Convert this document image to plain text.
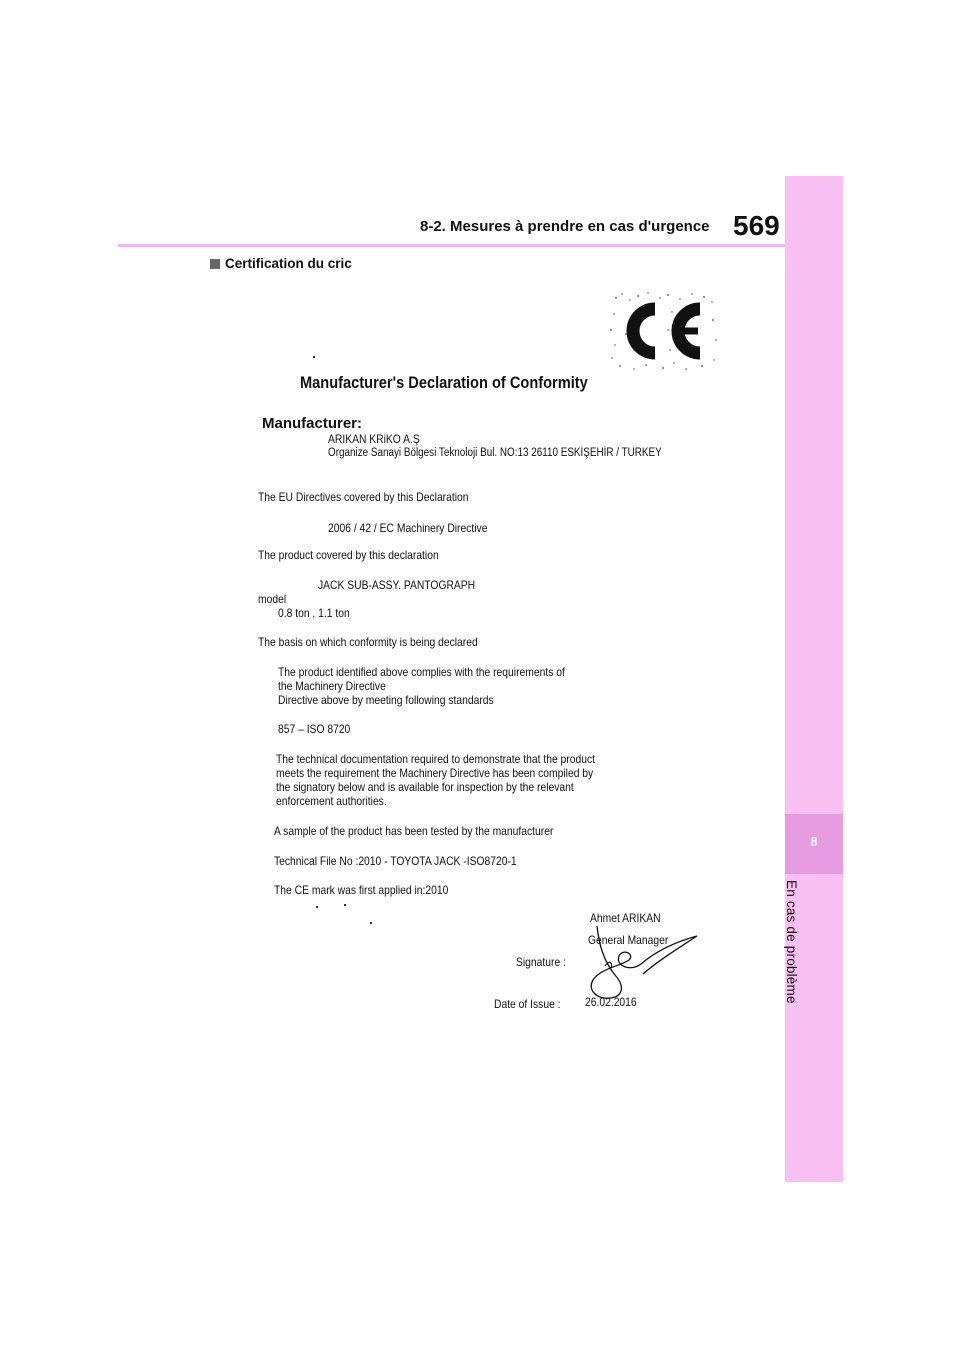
8
En cas de problème
8-2. Mesures à prendre en cas d'urgence 569
Certification du cric
Manufacturer's Declaration of Conformity
Manufacturer:
ARIKAN KRiKO A.Ş
Organize Sanayi Bölgesi Teknoloji Bul. NO:13 26110 ESKİŞEHİR / TURKEY
The EU Directives covered by this Declaration
2006 / 42 / EC Machinery Directive
The product covered by this declaration
JACK SUB-ASSY. PANTOGRAPH
model
0.8 ton , 1.1 ton
The basis on which conformity is being declared
The product identified above complies with the requirements of
the Machinery Directive
Directive above by meeting following standards
857 – ISO 8720
The technical documentation required to demonstrate that the product
meets the requirement the Machinery Directive has been compiled by
the signatory below and is available for inspection by the relevant
enforcement authorities.
A sample of the product has been tested by the manufacturer
Technical File No :2010 - TOYOTA JACK -ISO8720-1
The CE mark was first applied in:2010
Ahmet ARIKAN
General Manager
Signature :
Date of Issue : 26.02.2016
